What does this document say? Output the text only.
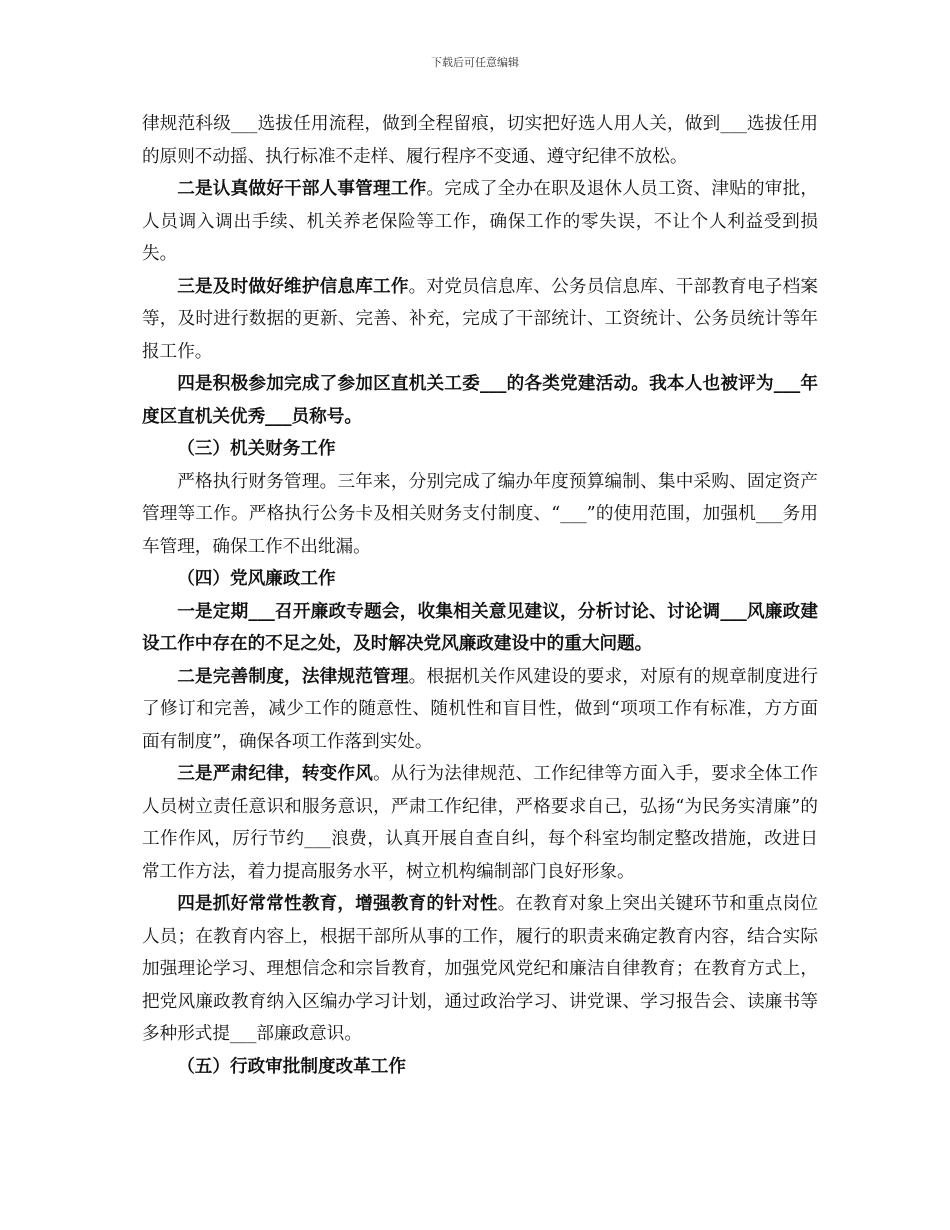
下载后可任意编辑

律规范科级___选拔任用流程，做到全程留痕，切实把好选人用人关，做到___选拔任用的原则不动摇、执行标准不走样、履行程序不变通、遵守纪律不放松。

二是认真做好干部人事管理工作。完成了全办在职及退休人员工资、津贴的审批，人员调入调出手续、机关养老保险等工作，确保工作的零失误，不让个人利益受到损失。

三是及时做好维护信息库工作。对党员信息库、公务员信息库、干部教育电子档案等，及时进行数据的更新、完善、补充，完成了干部统计、工资统计、公务员统计等年报工作。

四是积极参加完成了参加区直机关工委___的各类党建活动。我本人也被评为___年度区直机关优秀___员称号。

（三）机关财务工作

严格执行财务管理。三年来，分别完成了编办年度预算编制、集中采购、固定资产管理等工作。严格执行公务卡及相关财务支付制度、“___”的使用范围，加强机___务用车管理，确保工作不出纰漏。

（四）党风廉政工作

一是定期___召开廉政专题会，收集相关意见建议，分析讨论、讨论调___风廉政建设工作中存在的不足之处，及时解决党风廉政建设中的重大问题。

二是完善制度，法律规范管理。根据机关作风建设的要求，对原有的规章制度进行了修订和完善，减少工作的随意性、随机性和盲目性，做到“项项工作有标准，方方面面有制度”，确保各项工作落到实处。

三是严肃纪律，转变作风。从行为法律规范、工作纪律等方面入手，要求全体工作人员树立责任意识和服务意识，严肃工作纪律，严格要求自己，弘扬“为民务实清廉”的工作作风，厉行节约___浪费，认真开展自查自纠，每个科室均制定整改措施，改进日常工作方法，着力提高服务水平，树立机构编制部门良好形象。

四是抓好常常性教育，增强教育的针对性。在教育对象上突出关键环节和重点岗位人员；在教育内容上，根据干部所从事的工作，履行的职责来确定教育内容，结合实际加强理论学习、理想信念和宗旨教育，加强党风党纪和廉洁自律教育；在教育方式上，把党风廉政教育纳入区编办学习计划，通过政治学习、讲党课、学习报告会、读廉书等多种形式提___部廉政意识。

（五）行政审批制度改革工作
